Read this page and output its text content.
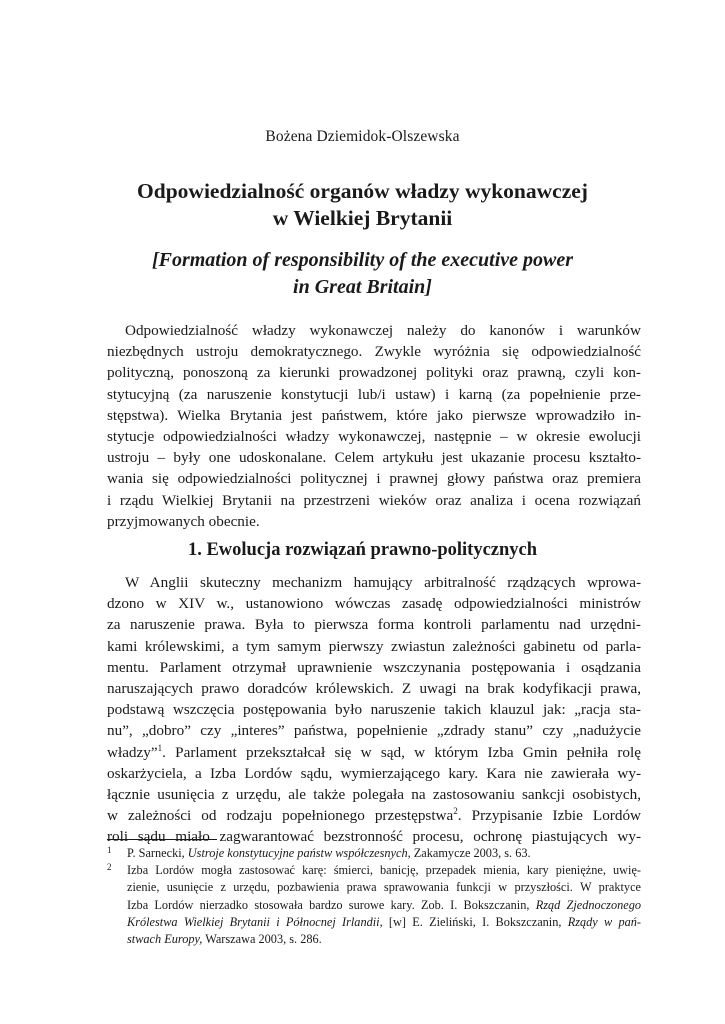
Bożena Dziemidok-Olszewska
Odpowiedzialność organów władzy wykonawczej
w Wielkiej Brytanii
[Formation of responsibility of the executive power
in Great Britain]
Odpowiedzialność władzy wykonawczej należy do kanonów i warunków
niezbędnych ustroju demokratycznego. Zwykle wyróżnia się odpowiedzialność
polityczną, ponoszoną za kierunki prowadzonej polityki oraz prawną, czyli kon-
stytucyjną (za naruszenie konstytucji lub/i ustaw) i karną (za popełnienie prze-
stępstwa). Wielka Brytania jest państwem, które jako pierwsze wprowadziło in-
stytucje odpowiedzialności władzy wykonawczej, następnie – w okresie ewolucji
ustroju – były one udoskonalane. Celem artykułu jest ukazanie procesu kształto-
wania się odpowiedzialności politycznej i prawnej głowy państwa oraz premiera
i rządu Wielkiej Brytanii na przestrzeni wieków oraz analiza i ocena rozwiązań
przyjmowanych obecnie.
1. Ewolucja rozwiązań prawno-politycznych
W Anglii skuteczny mechanizm hamujący arbitralność rządzących wprowa-
dzono w XIV w., ustanowiono wówczas zasadę odpowiedzialności ministrów
za naruszenie prawa. Była to pierwsza forma kontroli parlamentu nad urzędni-
kami królewskimi, a tym samym pierwszy zwiastun zależności gabinetu od parla-
mentu. Parlament otrzymał uprawnienie wszczynania postępowania i osądzania
naruszających prawo doradców królewskich. Z uwagi na brak kodyfikacji prawa,
podstawą wszczęcia postępowania było naruszenie takich klauzul jak: „racja sta-
nu”, „dobro” czy „interes” państwa, popełnienie „zdrady stanu” czy „nadużycie
władzy”$^1$. Parlament przekształcał się w sąd, w którym Izba Gmin pełniła rolę
oskarżyciela, a Izba Lordów sądu, wymierzającego kary. Kara nie zawierała wy-
łącznie usunięcia z urzędu, ale także polegała na zastosowaniu sankcji osobistych,
w zależności od rodzaju popełnionego przestępstwa$^2$. Przypisanie Izbie Lordów
roli sądu miało zagwarantować bezstronność procesu, ochronę piastujących wy-
1 P. Sarnecki, Ustroje konstytucyjne państw współczesnych, Zakamycze 2003, s. 63.
2 Izba Lordów mogła zastosować karę: śmierci, banicję, przepadek mienia, kary pieniężne, uwię-
zienie, usunięcie z urzędu, pozbawienia prawa sprawowania funkcji w przyszłości. W praktyce
Izba Lordów nierzadko stosowała bardzo surowe kary. Zob. I. Bokszczanin, Rząd Zjednoczonego
Królestwa Wielkiej Brytanii i Północnej Irlandii, [w] E. Zieliński, I. Bokszczanin, Rządy w pań-
stwach Europy, Warszawa 2003, s. 286.
